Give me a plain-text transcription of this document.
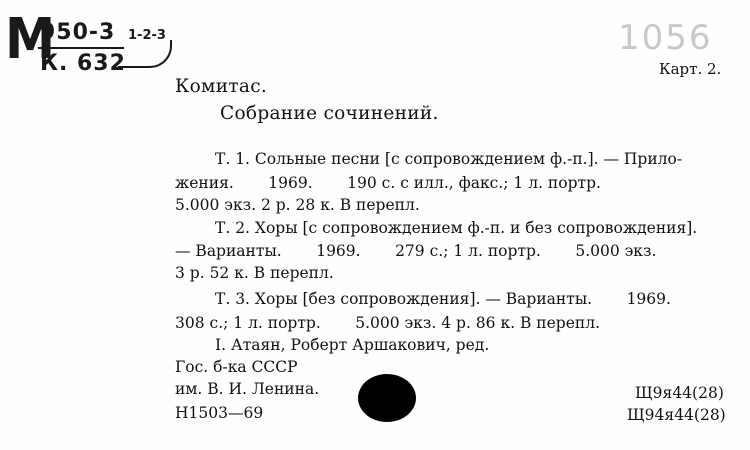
М
950-3
К. 632
1-2-3	1056
Карт. 2.
Комитас.
Собрание сочинений.
Т. 1. Сольные песни [с сопровождением ф.-п.]. — Прило-
жения.       1969.       190 с. с илл., факс.; 1 л. портр.
5.000 экз. 2 р. 28 к. В перепл.
Т. 2. Хоры [с сопровождением ф.-п. и без сопровождения].
— Варианты.       1969.       279 с.; 1 л. портр.       5.000 экз.
3 р. 52 к. В перепл.
Т. 3. Хоры [без сопровождения]. — Варианты.       1969.
308 с.; 1 л. портр.       5.000 экз. 4 р. 86 к. В перепл.
I. Атаян, Роберт Аршакович, ред.
Гос. б-ка СССР
им. В. И. Ленина.
Н1503—69
Щ9я44(28)
Щ94я44(28)
